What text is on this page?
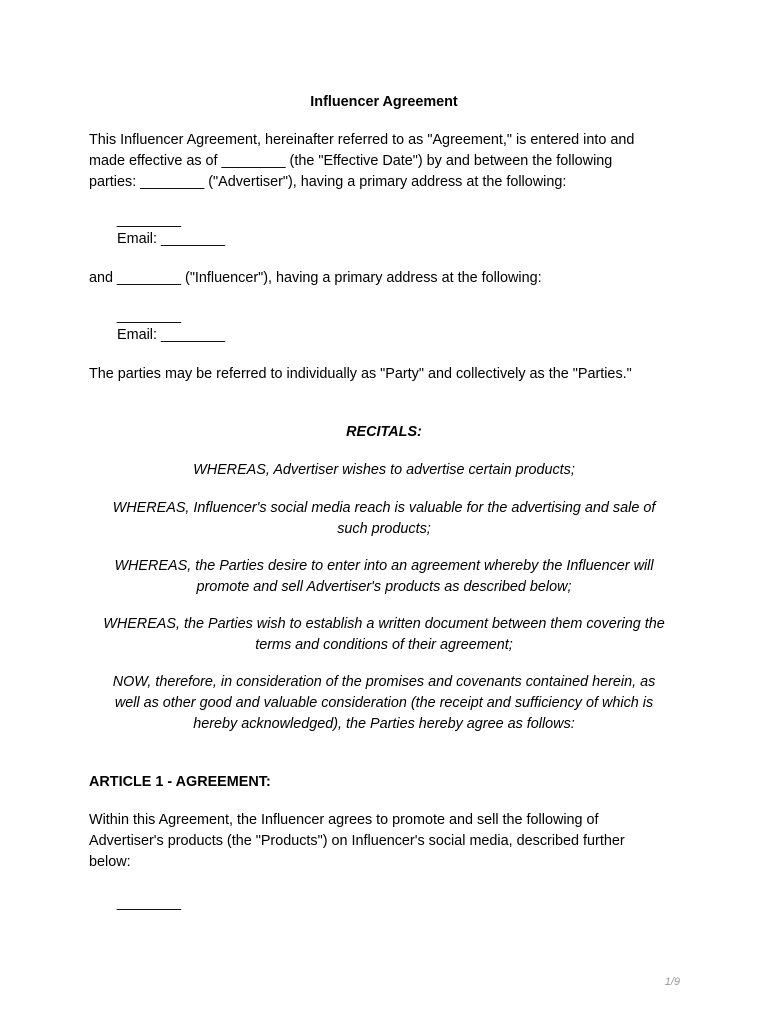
Influencer Agreement
This Influencer Agreement, hereinafter referred to as "Agreement," is entered into and
made effective as of ________ (the "Effective Date") by and between the following
parties: ________ ("Advertiser"), having a primary address at the following:
________
Email: ________
and ________ ("Influencer"), having a primary address at the following:
________
Email: ________
The parties may be referred to individually as "Party" and collectively as the "Parties."
RECITALS:
WHEREAS, Advertiser wishes to advertise certain products;
WHEREAS, Influencer's social media reach is valuable for the advertising and sale of
such products;
WHEREAS, the Parties desire to enter into an agreement whereby the Influencer will
promote and sell Advertiser's products as described below;
WHEREAS, the Parties wish to establish a written document between them covering the
terms and conditions of their agreement;
NOW, therefore, in consideration of the promises and covenants contained herein, as
well as other good and valuable consideration (the receipt and sufficiency of which is
hereby acknowledged), the Parties hereby agree as follows:
ARTICLE 1 - AGREEMENT:
Within this Agreement, the Influencer agrees to promote and sell the following of
Advertiser's products (the "Products") on Influencer's social media, described further
below:
________
1/9
